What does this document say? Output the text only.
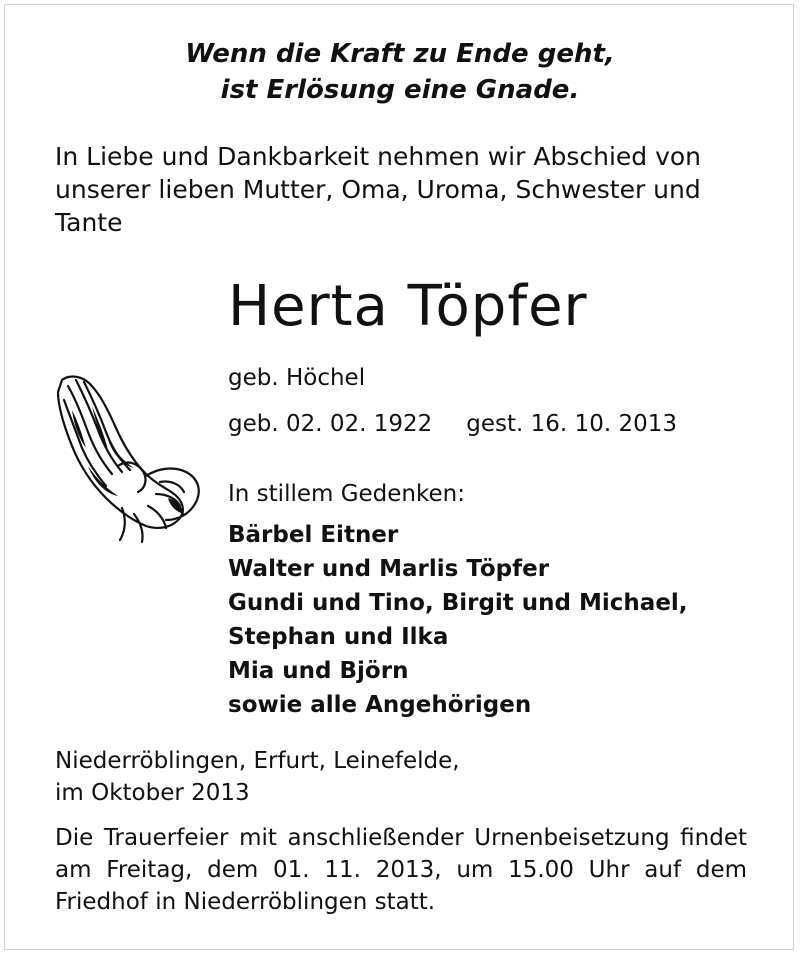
Wenn die Kraft zu Ende geht,
ist Erlösung eine Gnade.
In Liebe und Dankbarkeit nehmen wir Abschied von unserer lieben Mutter, Oma, Uroma, Schwester und Tante
Herta Töpfer
geb. Höchel
geb. 02. 02. 1922 gest. 16. 10. 2013
In stillem Gedenken:
Bärbel Eitner
Walter und Marlis Töpfer
Gundi und Tino, Birgit und Michael,
Stephan und Ilka
Mia und Björn
sowie alle Angehörigen
Niederröblingen, Erfurt, Leinefelde,
im Oktober 2013
Die Trauerfeier mit anschließender Urnenbeisetzung findet am Freitag, dem 01. 11. 2013, um 15.00 Uhr auf dem Friedhof in Niederröblingen statt.
